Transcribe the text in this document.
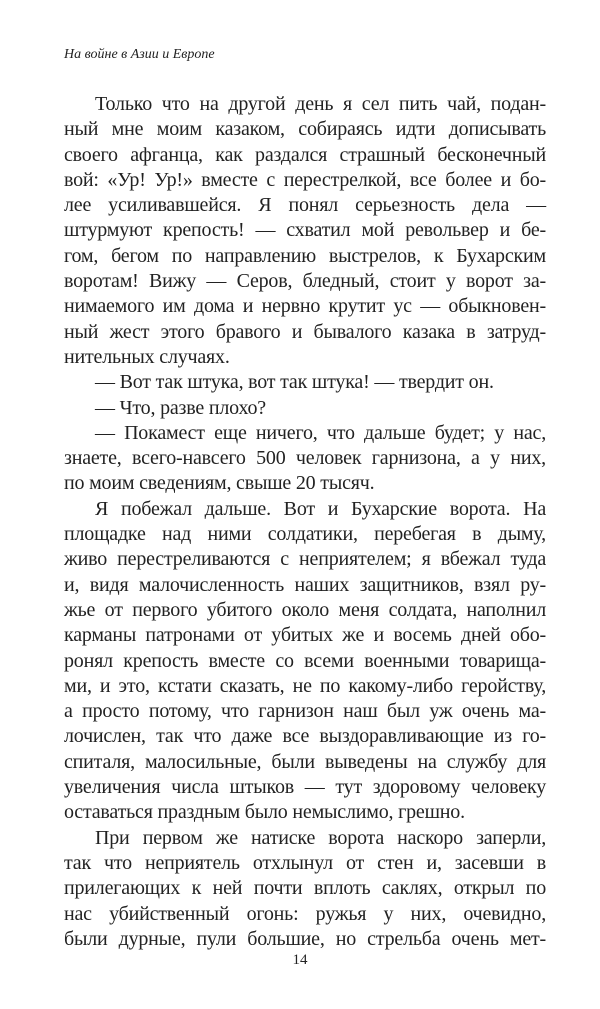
На войне в Азии и Европе
Только что на другой день я сел пить чай, подан-
ный мне моим казаком, собираясь идти дописывать
своего афганца, как раздался страшный бесконечный
вой: «Ур! Ур!» вместе с перестрелкой, все более и бо-
лее усиливавшейся. Я понял серьезность дела —
штурмуют крепость! — схватил мой револьвер и бе-
гом, бегом по направлению выстрелов, к Бухарским
воротам! Вижу — Серов, бледный, стоит у ворот за-
нимаемого им дома и нервно крутит ус — обыкновен-
ный жест этого бравого и бывалого казака в затруд-
нительных случаях.
— Вот так штука, вот так штука! — твердит он.
— Что, разве плохо?
— Покамест еще ничего, что дальше будет; у нас,
знаете, всего-навсего 500 человек гарнизона, а у них,
по моим сведениям, свыше 20 тысяч.
Я побежал дальше. Вот и Бухарские ворота. На
площадке над ними солдатики, перебегая в дыму,
живо перестреливаются с неприятелем; я вбежал туда
и, видя малочисленность наших защитников, взял ру-
жье от первого убитого около меня солдата, наполнил
карманы патронами от убитых же и восемь дней обо-
ронял крепость вместе со всеми военными товарища-
ми, и это, кстати сказать, не по какому-либо геройству,
а просто потому, что гарнизон наш был уж очень ма-
лочислен, так что даже все выздоравливающие из го-
спиталя, малосильные, были выведены на службу для
увеличения числа штыков — тут здоровому человеку
оставаться праздным было немыслимо, грешно.
При первом же натиске ворота наскоро заперли,
так что неприятель отхлынул от стен и, засевши в
прилегающих к ней почти вплоть саклях, открыл по
нас убийственный огонь: ружья у них, очевидно,
были дурные, пули большие, но стрельба очень мет-
14
